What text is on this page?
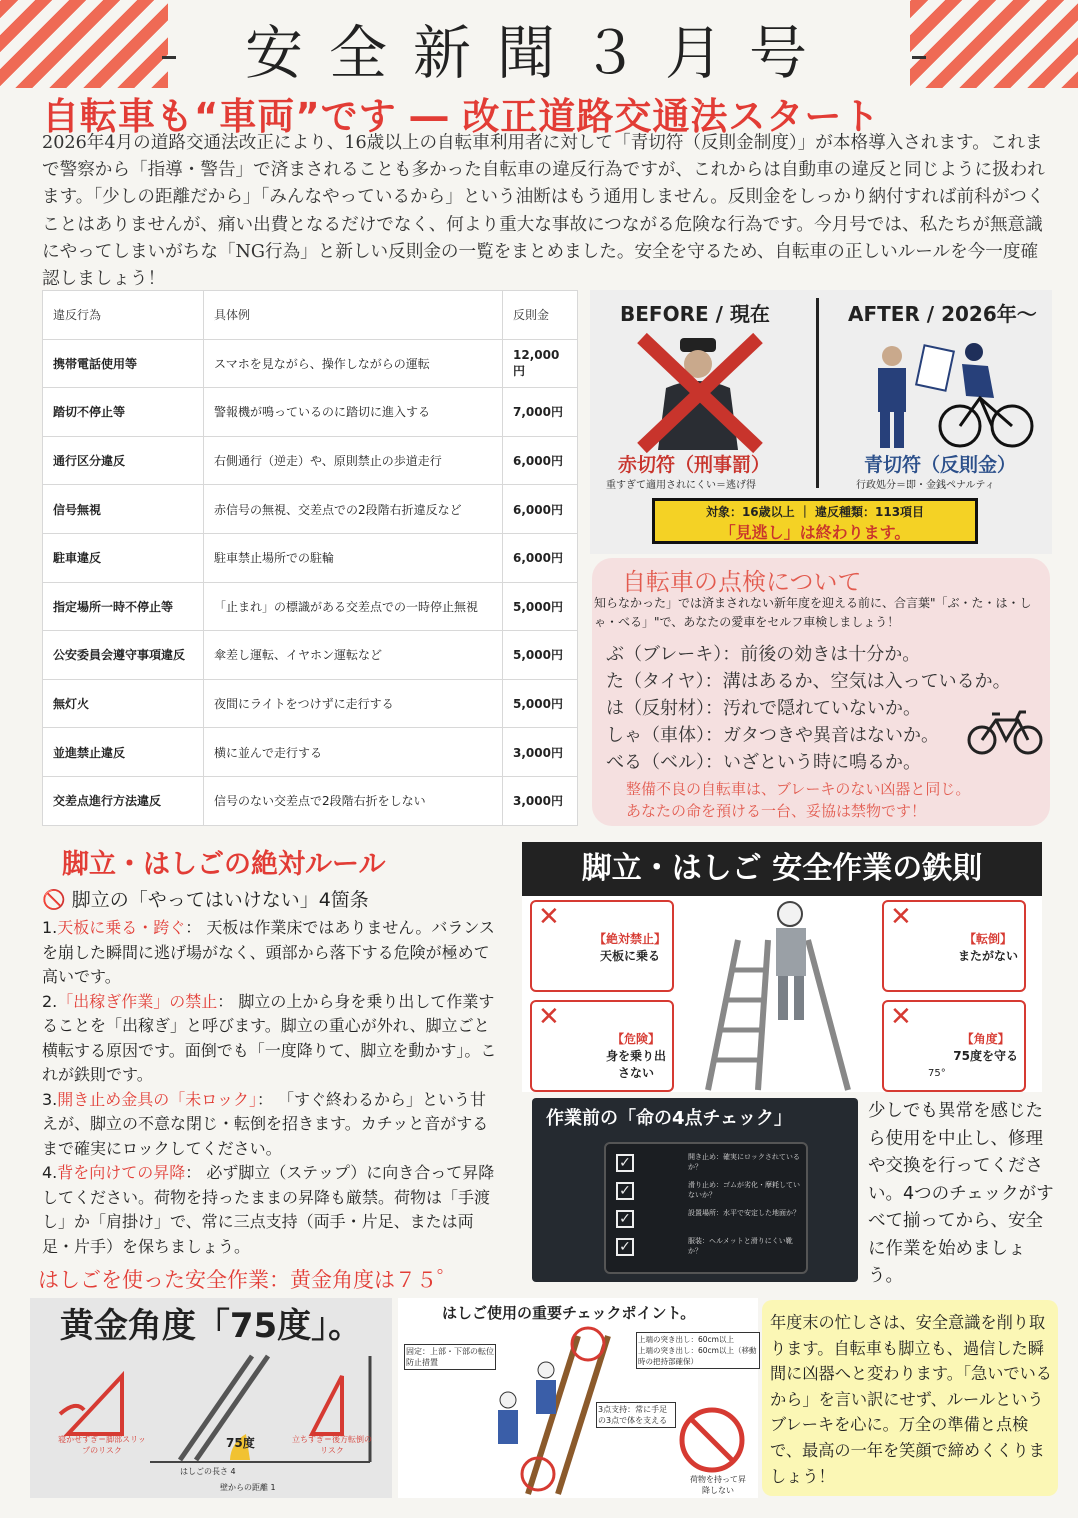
安全新聞３月号
自転車も“車両”です ― 改正道路交通法スタート
2026年4月の道路交通法改正により、16歳以上の自転車利用者に対して「青切符（反則金制度）」が本格導入されます。これまで警察から「指導・警告」で済まされることも多かった自転車の違反行為ですが、これからは自動車の違反と同じように扱われます。「少しの距離だから」「みんなやっているから」という油断はもう通用しません。反則金をしっかり納付すれば前科がつくことはありませんが、痛い出費となるだけでなく、何より重大な事故につながる危険な行為です。今月号では、私たちが無意識にやってしまいがちな「NG行為」と新しい反則金の一覧をまとめました。安全を守るため、自転車の正しいルールを今一度確認しましょう！
違反行為	具体例	反則金
携帯電話使用等	スマホを見ながら、操作しながらの運転	12,000円
踏切不停止等	警報機が鳴っているのに踏切に進入する	7,000円
通行区分違反	右側通行（逆走）や、原則禁止の歩道走行	6,000円
信号無視	赤信号の無視、交差点での2段階右折違反など	6,000円
駐車違反	駐車禁止場所での駐輪	6,000円
指定場所一時不停止等	「止まれ」の標識がある交差点での一時停止無視	5,000円
公安委員会遵守事項違反	傘差し運転、イヤホン運転など	5,000円
無灯火	夜間にライトをつけずに走行する	5,000円
並進禁止違反	横に並んで走行する	3,000円
交差点進行方法違反	信号のない交差点で2段階右折をしない	3,000円
BEFORE / 現在	AFTER / 2026年〜
赤切符（刑事罰）
重すぎて適用されにくい＝逃げ得
青切符（反則金）
行政処分＝即・金銭ペナルティ
対象：16歳以上 ｜ 違反種類：113項目
「見逃し」は終わります。
自転車の点検について
知らなかった」では済まされない新年度を迎える前に、合言葉"「ぶ・た・は・しゃ・べる」"で、あなたの愛車をセルフ車検しましょう！
ぶ（ブレーキ）：前後の効きは十分か。
た（タイヤ）：溝はあるか、空気は入っているか。
は（反射材）：汚れで隠れていないか。
しゃ（車体）：ガタつきや異音はないか。
べる（ベル）：いざという時に鳴るか。
整備不良の自転車は、ブレーキのない凶器と同じ。
あなたの命を預ける一台、妥協は禁物です！
脚立・はしごの絶対ルール
🚫 脚立の「やってはいけない」4箇条
1.天板に乗る・跨ぐ： 天板は作業床ではありません。バランスを崩した瞬間に逃げ場がなく、頭部から落下する危険が極めて高いです。
2.「出稼ぎ作業」の禁止： 脚立の上から身を乗り出して作業することを「出稼ぎ」と呼びます。脚立の重心が外れ、脚立ごと横転する原因です。面倒でも「一度降りて、脚立を動かす」。これが鉄則です。
3.開き止め金具の「未ロック」： 「すぐ終わるから」という甘えが、脚立の不意な閉じ・転倒を招きます。カチッと音がするまで確実にロックしてください。
4.背を向けての昇降： 必ず脚立（ステップ）に向き合って昇降してください。荷物を持ったままの昇降も厳禁。荷物は「手渡し」か「肩掛け」で、常に三点支持（両手・片足、または両足・片手）を保ちましょう。
はしごを使った安全作業：黄金角度は７５゜
脚立・はしご 安全作業の鉄則
✕
【絶対禁止】
天板に乗る
✕
【転倒】
またがない
✕
【危険】
身を乗り出さない
✕
【角度】
75度を守る
75°
作業前の「命の4点チェック」
✓	開き止め：確実にロックされているか？
✓	滑り止め：ゴムが劣化・摩耗していないか？
✓	設置場所：水平で安定した地面か？
✓	服装：ヘルメットと滑りにくい靴か？
少しでも異常を感じたら使用を中止し、修理や交換を行ってください。4つのチェックがすべて揃ってから、安全に作業を始めましょう。
黄金角度「75度」。
75度
寝かせすぎ＝脚部スリップのリスク
立ちすぎ＝後方転倒のリスク
はしごの長さ 4
壁からの距離 1
はしご使用の重要チェックポイント。
固定：上部・下部の転位防止措置
上端の突き出し：60cm以上
上端の突き出し：60cm以上（移動時の把持部確保）
3点支持：常に手足の3点で体を支える
荷物を持って昇降しない

年度末の忙しさは、安全意識を削り取ります。自転車も脚立も、過信した瞬間に凶器へと変わります。「急いでいるから」を言い訳にせず、ルールというブレーキを心に。万全の準備と点検で、最高の一年を笑顔で締めくくりましょう！
